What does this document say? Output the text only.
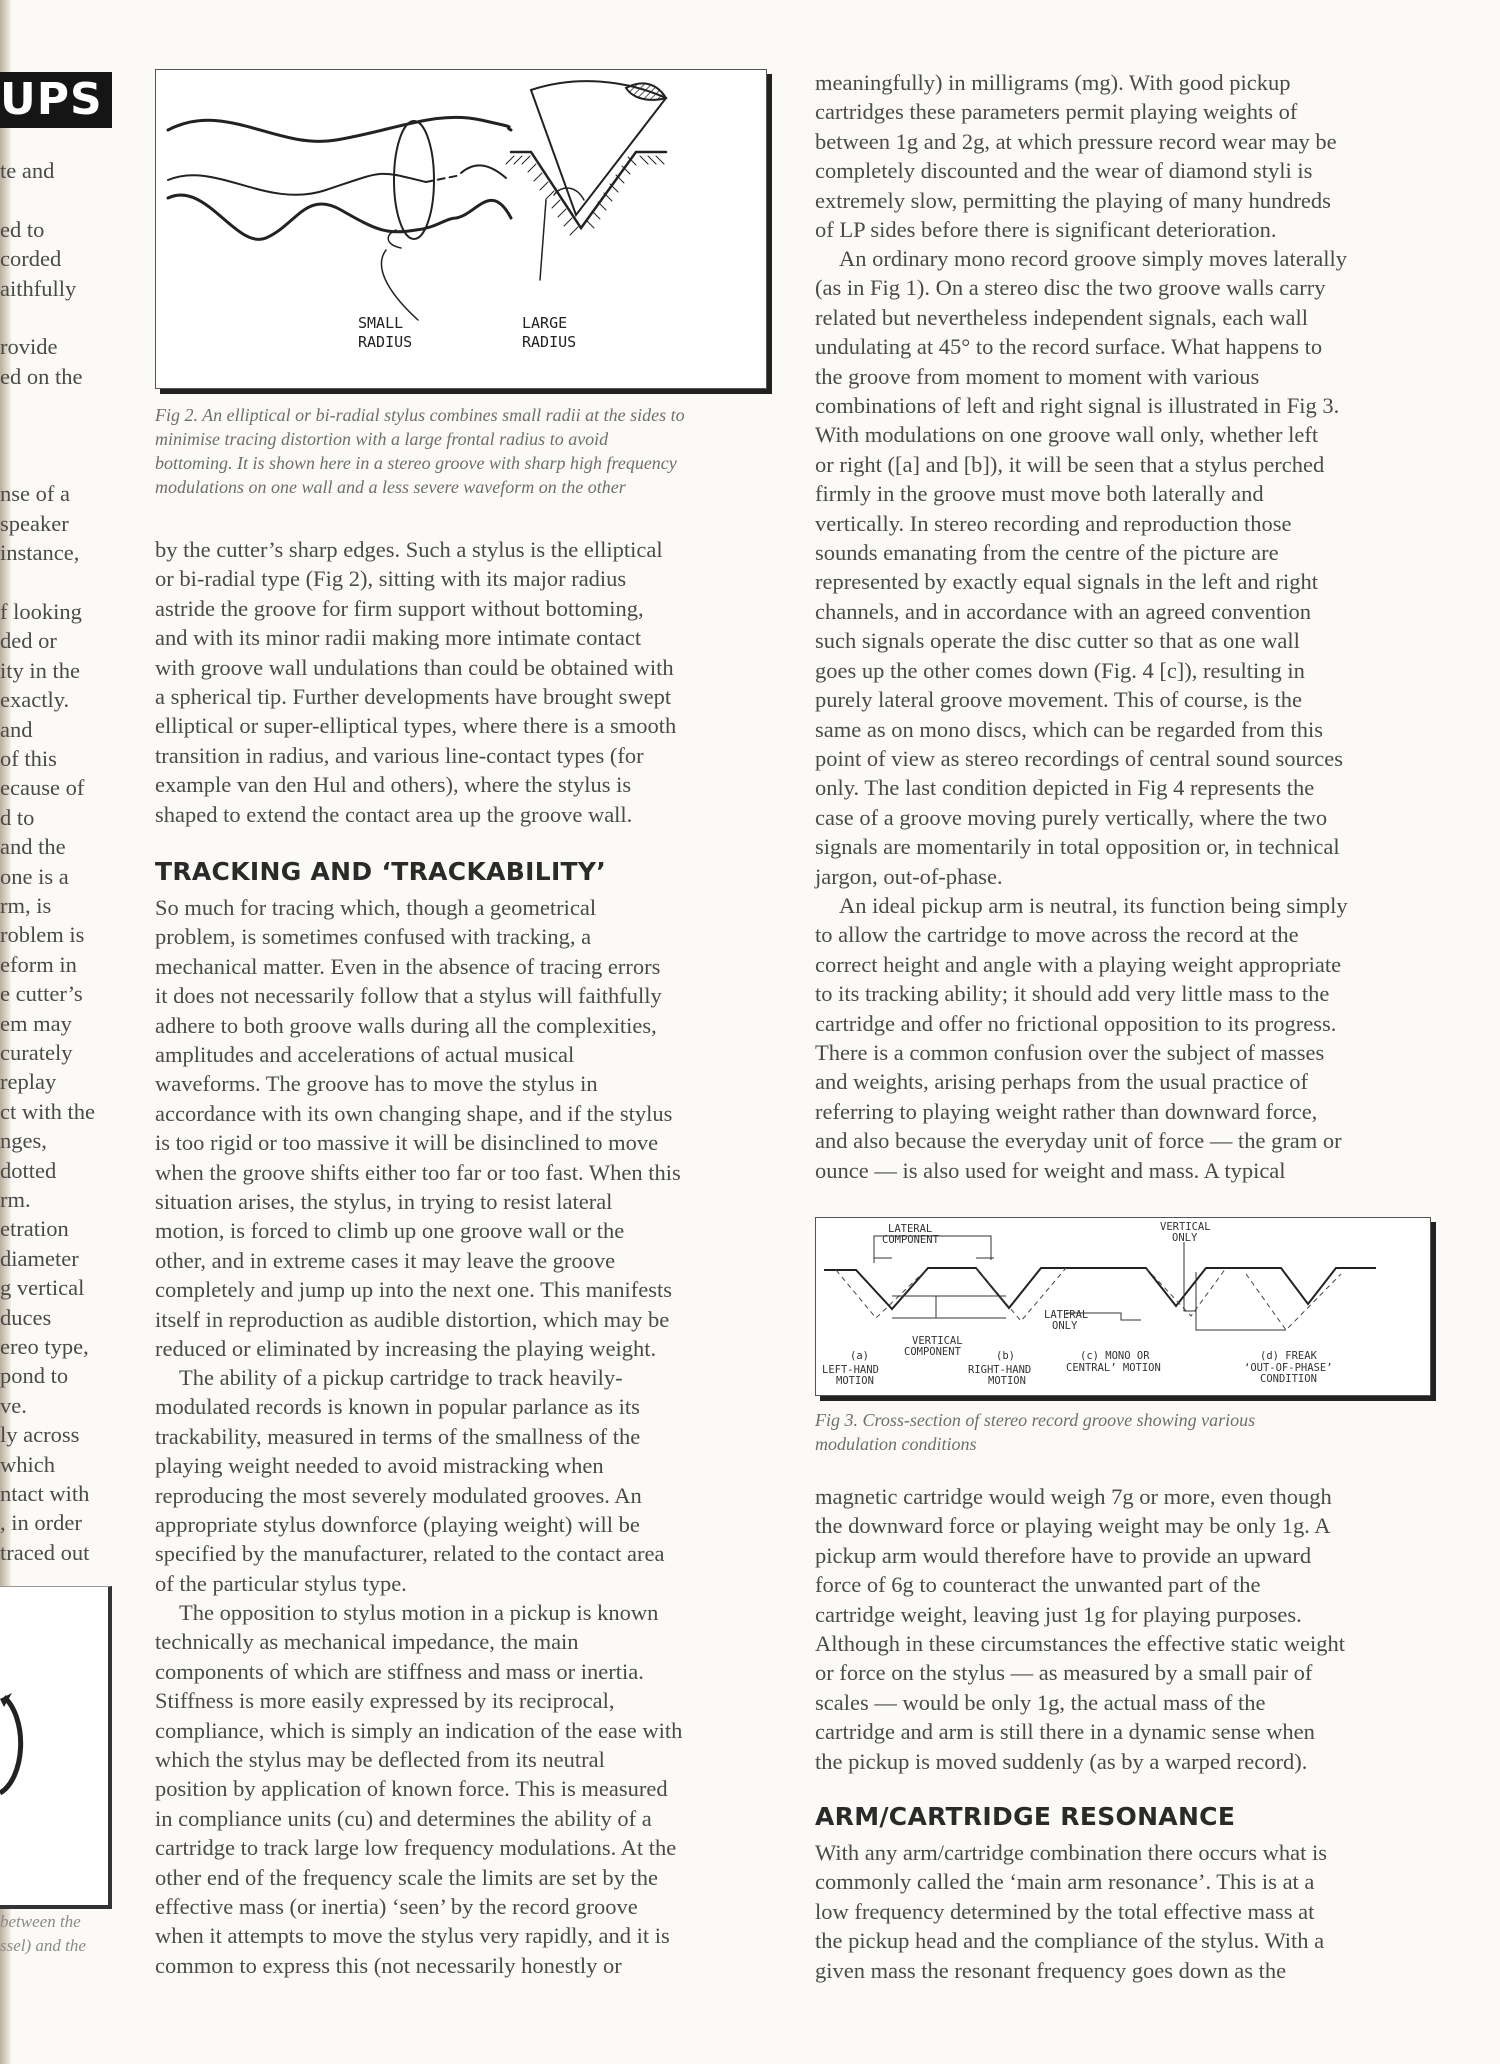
UPS
te and
ed to
corded
aithfully
rovide
ed on the
nse of a
speaker
instance,
f looking
ded or
ity in the
exactly.
and
of this
ecause of
d to
and the
one is a
rm, is
roblem is
eform in
e cutter’s
em may
curately
replay
ct with the
nges,
dotted
rm.
etration
diameter
g vertical
duces
ereo type,
pond to
ve.
ly across
which
ntact with
, in order
traced out
between the
ssel) and the
SMALL
RADIUS
LARGE
RADIUS
Fig 2. An elliptical or bi-radial stylus combines small radii at the sides to
minimise tracing distortion with a large frontal radius to avoid
bottoming. It is shown here in a stereo groove with sharp high frequency
modulations on one wall and a less severe waveform on the other
by the cutter’s sharp edges. Such a stylus is the elliptical
or bi-radial type (Fig 2), sitting with its major radius
astride the groove for firm support without bottoming,
and with its minor radii making more intimate contact
with groove wall undulations than could be obtained with
a spherical tip. Further developments have brought swept
elliptical or super-elliptical types, where there is a smooth
transition in radius, and various line-contact types (for
example van den Hul and others), where the stylus is
shaped to extend the contact area up the groove wall.
TRACKING AND ‘TRACKABILITY’
So much for tracing which, though a geometrical
problem, is sometimes confused with tracking, a
mechanical matter. Even in the absence of tracing errors
it does not necessarily follow that a stylus will faithfully
adhere to both groove walls during all the complexities,
amplitudes and accelerations of actual musical
waveforms. The groove has to move the stylus in
accordance with its own changing shape, and if the stylus
is too rigid or too massive it will be disinclined to move
when the groove shifts either too far or too fast. When this
situation arises, the stylus, in trying to resist lateral
motion, is forced to climb up one groove wall or the
other, and in extreme cases it may leave the groove
completely and jump up into the next one. This manifests
itself in reproduction as audible distortion, which may be
reduced or eliminated by increasing the playing weight.
The ability of a pickup cartridge to track heavily-
modulated records is known in popular parlance as its
trackability, measured in terms of the smallness of the
playing weight needed to avoid mistracking when
reproducing the most severely modulated grooves. An
appropriate stylus downforce (playing weight) will be
specified by the manufacturer, related to the contact area
of the particular stylus type.
The opposition to stylus motion in a pickup is known
technically as mechanical impedance, the main
components of which are stiffness and mass or inertia.
Stiffness is more easily expressed by its reciprocal,
compliance, which is simply an indication of the ease with
which the stylus may be deflected from its neutral
position by application of known force. This is measured
in compliance units (cu) and determines the ability of a
cartridge to track large low frequency modulations. At the
other end of the frequency scale the limits are set by the
effective mass (or inertia) ‘seen’ by the record groove
when it attempts to move the stylus very rapidly, and it is
common to express this (not necessarily honestly or
meaningfully) in milligrams (mg). With good pickup
cartridges these parameters permit playing weights of
between 1g and 2g, at which pressure record wear may be
completely discounted and the wear of diamond styli is
extremely slow, permitting the playing of many hundreds
of LP sides before there is significant deterioration.
An ordinary mono record groove simply moves laterally
(as in Fig 1). On a stereo disc the two groove walls carry
related but nevertheless independent signals, each wall
undulating at 45° to the record surface. What happens to
the groove from moment to moment with various
combinations of left and right signal is illustrated in Fig 3.
With modulations on one groove wall only, whether left
or right ([a] and [b]), it will be seen that a stylus perched
firmly in the groove must move both laterally and
vertically. In stereo recording and reproduction those
sounds emanating from the centre of the picture are
represented by exactly equal signals in the left and right
channels, and in accordance with an agreed convention
such signals operate the disc cutter so that as one wall
goes up the other comes down (Fig. 4 [c]), resulting in
purely lateral groove movement. This of course, is the
same as on mono discs, which can be regarded from this
point of view as stereo recordings of central sound sources
only. The last condition depicted in Fig 4 represents the
case of a groove moving purely vertically, where the two
signals are momentarily in total opposition or, in technical
jargon, out-of-phase.
An ideal pickup arm is neutral, its function being simply
to allow the cartridge to move across the record at the
correct height and angle with a playing weight appropriate
to its tracking ability; it should add very little mass to the
cartridge and offer no frictional opposition to its progress.
There is a common confusion over the subject of masses
and weights, arising perhaps from the usual practice of
referring to playing weight rather than downward force,
and also because the everyday unit of force — the gram or
ounce — is also used for weight and mass. A typical
LATERAL
COMPONENT
VERTICAL
COMPONENT
LATERAL
ONLY
VERTICAL
ONLY
(a)
LEFT-HAND
MOTION
(b)
RIGHT-HAND
MOTION
(c) MONO OR
CENTRAL’ MOTION
(d) FREAK
‘OUT-OF-PHASE’
CONDITION
Fig 3. Cross-section of stereo record groove showing various
modulation conditions
magnetic cartridge would weigh 7g or more, even though
the downward force or playing weight may be only 1g. A
pickup arm would therefore have to provide an upward
force of 6g to counteract the unwanted part of the
cartridge weight, leaving just 1g for playing purposes.
Although in these circumstances the effective static weight
or force on the stylus — as measured by a small pair of
scales — would be only 1g, the actual mass of the
cartridge and arm is still there in a dynamic sense when
the pickup is moved suddenly (as by a warped record).
ARM/CARTRIDGE RESONANCE
With any arm/cartridge combination there occurs what is
commonly called the ‘main arm resonance’. This is at a
low frequency determined by the total effective mass at
the pickup head and the compliance of the stylus. With a
given mass the resonant frequency goes down as the
